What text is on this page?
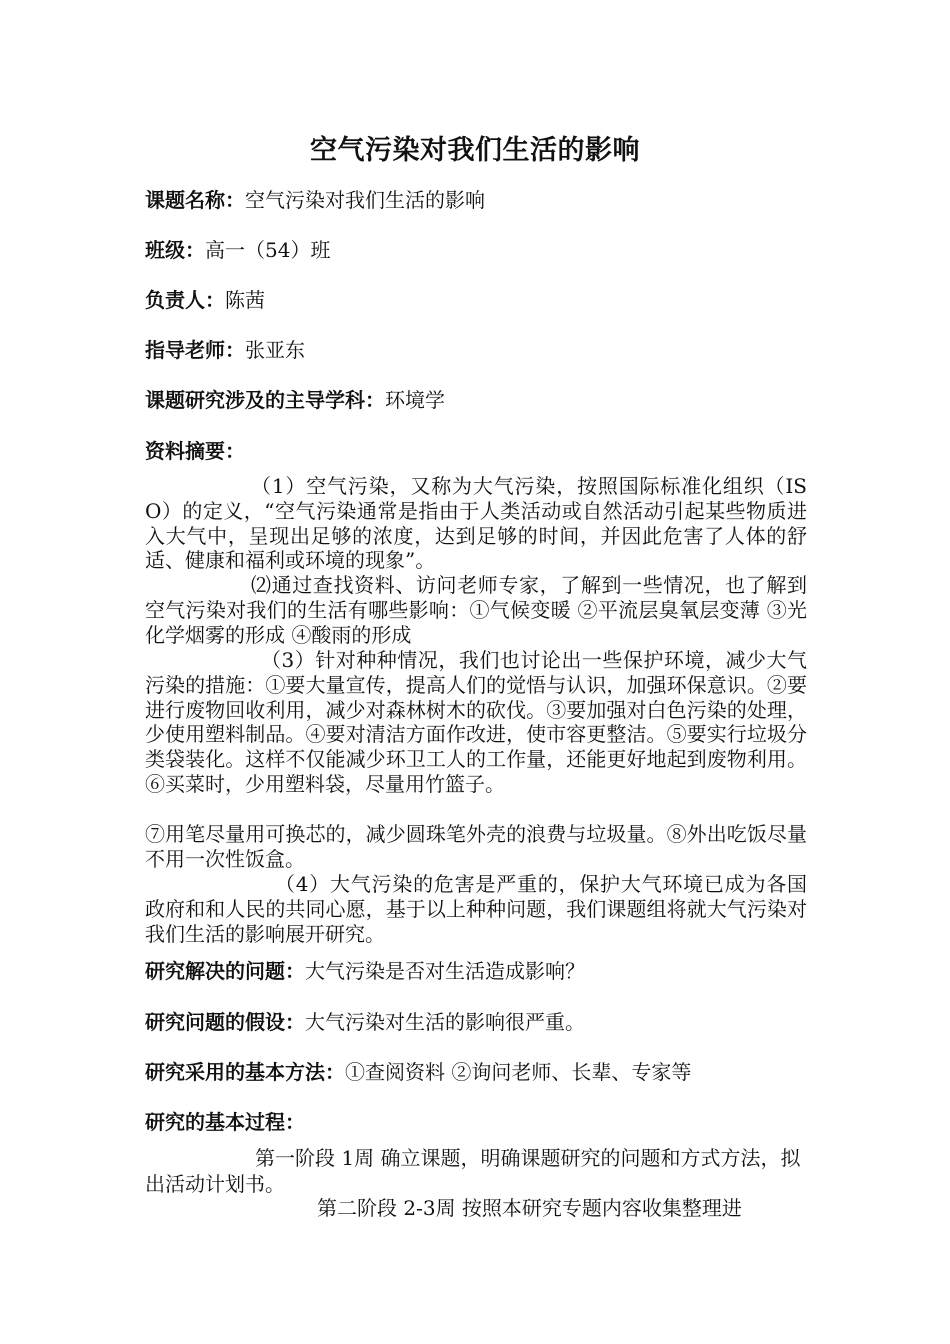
空气污染对我们生活的影响
课题名称：空气污染对我们生活的影响
班级：高一（54）班
负责人：陈茜
指导老师：张亚东
课题研究涉及的主导学科：环境学
资料摘要：

（1）空气污染，又称为大气污染，按照国际标准化组织（ISO）的定义，“空气污染通常是指由于人类活动或自然活动引起某些物质进入大气中，呈现出足够的浓度，达到足够的时间，并因此危害了人体的舒适、健康和福利或环境的现象”。

⑵通过查找资料、访问老师专家，了解到一些情况，也了解到空气污染对我们的生活有哪些影响：①气候变暖 ②平流层臭氧层变薄 ③光化学烟雾的形成 ④酸雨的形成

（3）针对种种情况，我们也讨论出一些保护环境，减少大气污染的措施：①要大量宣传，提高人们的觉悟与认识，加强环保意识。②要进行废物回收利用，减少对森林树木的砍伐。③要加强对白色污染的处理，少使用塑料制品。④要对清洁方面作改进，使市容更整洁。⑤要实行垃圾分类袋装化。这样不仅能减少环卫工人的工作量，还能更好地起到废物利用。⑥买菜时，少用塑料袋，尽量用竹篮子。

⑦用笔尽量用可换芯的，减少圆珠笔外壳的浪费与垃圾量。⑧外出吃饭尽量不用一次性饭盒。

（4）大气污染的危害是严重的，保护大气环境已成为各国政府和和人民的共同心愿，基于以上种种问题，我们课题组将就大气污染对我们生活的影响展开研究。

研究解决的问题：大气污染是否对生活造成影响？
研究问题的假设：大气污染对生活的影响很严重。
研究采用的基本方法：①查阅资料 ②询问老师、长辈、专家等
研究的基本过程：

第一阶段 1周 确立课题，明确课题研究的问题和方式方法，拟出活动计划书。

第二阶段 2-3周 按照本研究专题内容收集整理进
